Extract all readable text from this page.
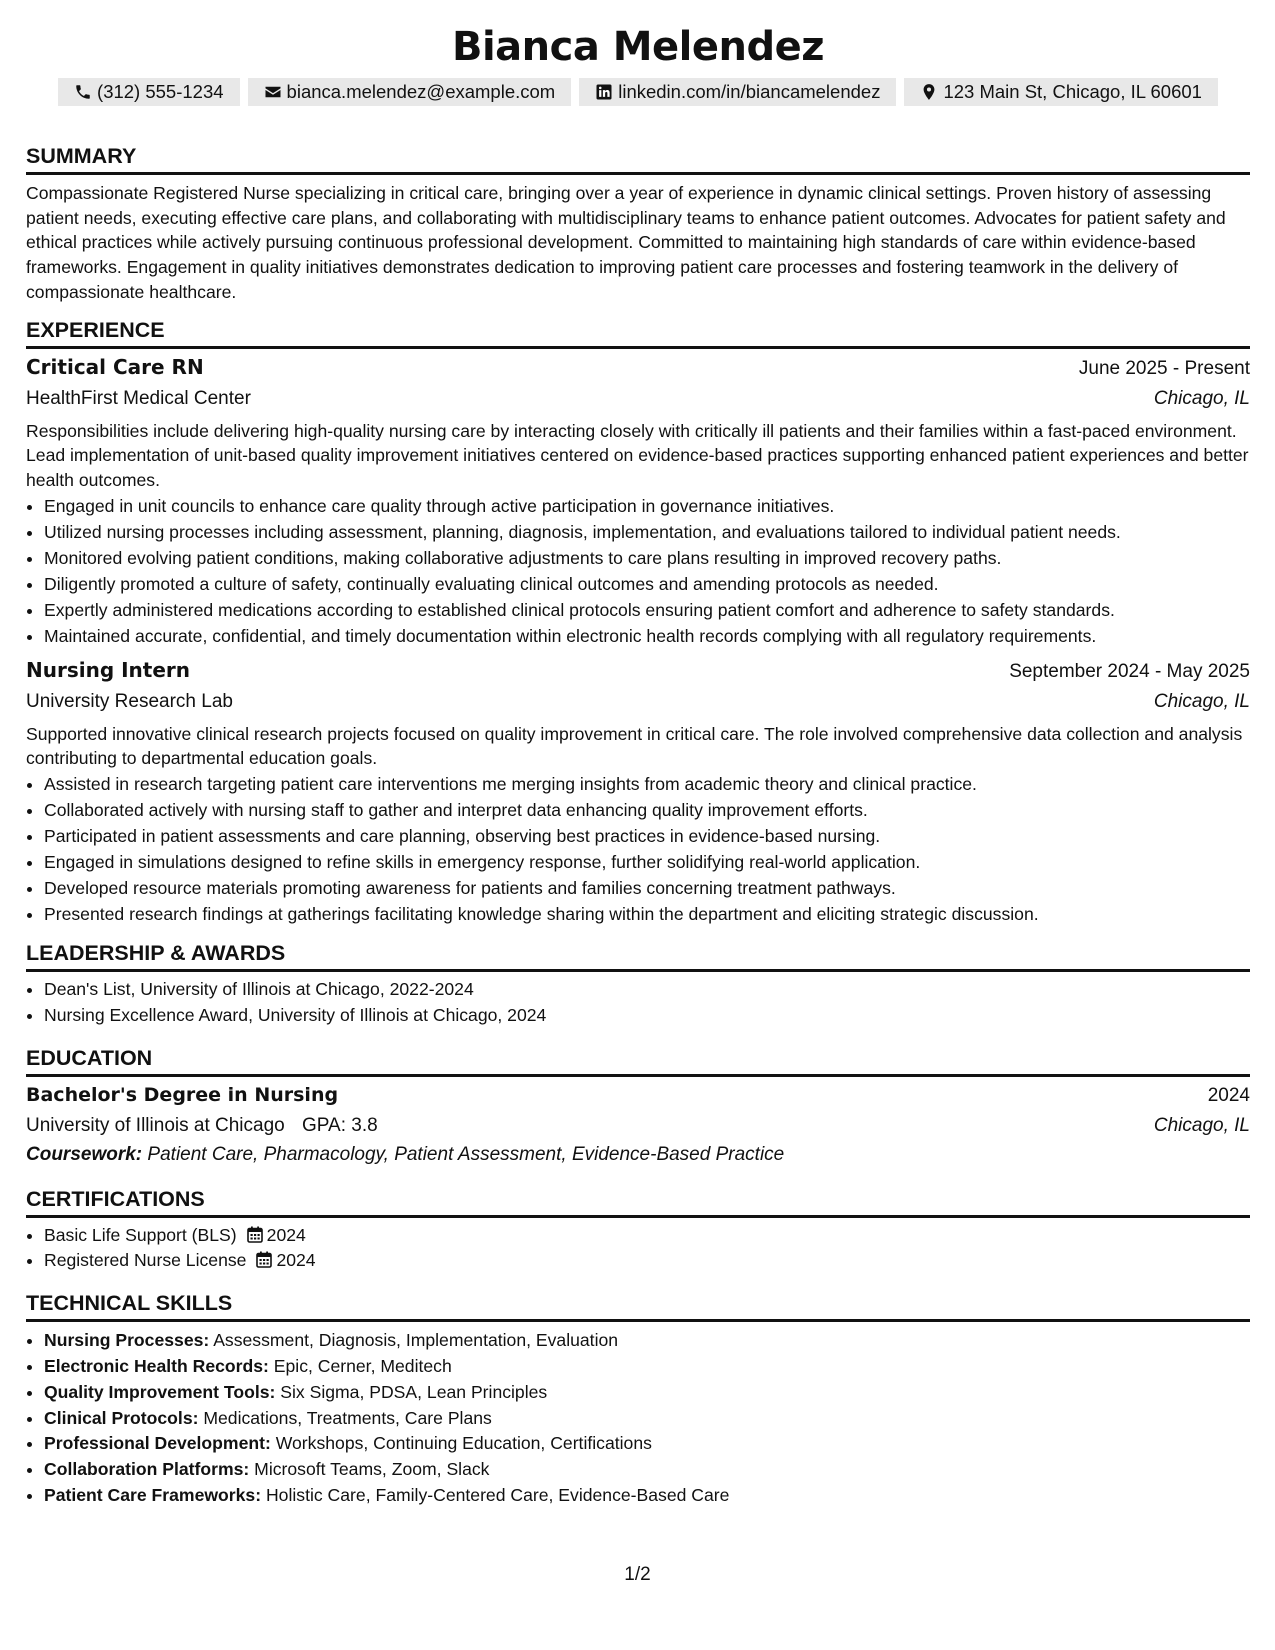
Bianca Melendez
(312) 555-1234	bianca.melendez@example.com	linkedin.com/in/biancamelendez	123 Main St, Chicago, IL 60601
SUMMARY

Compassionate Registered Nurse specializing in critical care, bringing over a year of experience in dynamic clinical settings. Proven history of assessing patient needs, executing effective care plans, and collaborating with multidisciplinary teams to enhance patient outcomes. Advocates for patient safety and ethical practices while actively pursuing continuous professional development. Committed to maintaining high standards of care within evidence-based frameworks. Engagement in quality initiatives demonstrates dedication to improving patient care processes and fostering teamwork in the delivery of compassionate healthcare.

EXPERIENCE
Critical Care RN	June 2025 - Present
HealthFirst Medical Center	Chicago, IL

Responsibilities include delivering high-quality nursing care by interacting closely with critically ill patients and their families within a fast-paced environment. Lead implementation of unit-based quality improvement initiatives centered on evidence-based practices supporting enhanced patient experiences and better health outcomes.

• Engaged in unit councils to enhance care quality through active participation in governance initiatives.
• Utilized nursing processes including assessment, planning, diagnosis, implementation, and evaluations tailored to individual patient needs.
• Monitored evolving patient conditions, making collaborative adjustments to care plans resulting in improved recovery paths.
• Diligently promoted a culture of safety, continually evaluating clinical outcomes and amending protocols as needed.
• Expertly administered medications according to established clinical protocols ensuring patient comfort and adherence to safety standards.
• Maintained accurate, confidential, and timely documentation within electronic health records complying with all regulatory requirements.
Nursing Intern	September 2024 - May 2025
University Research Lab	Chicago, IL

Supported innovative clinical research projects focused on quality improvement in critical care. The role involved comprehensive data collection and analysis contributing to departmental education goals.

• Assisted in research targeting patient care interventions me merging insights from academic theory and clinical practice.
• Collaborated actively with nursing staff to gather and interpret data enhancing quality improvement efforts.
• Participated in patient assessments and care planning, observing best practices in evidence-based nursing.
• Engaged in simulations designed to refine skills in emergency response, further solidifying real-world application.
• Developed resource materials promoting awareness for patients and families concerning treatment pathways.
• Presented research findings at gatherings facilitating knowledge sharing within the department and eliciting strategic discussion.
LEADERSHIP & AWARDS
• Dean's List, University of Illinois at Chicago, 2022-2024
• Nursing Excellence Award, University of Illinois at Chicago, 2024
EDUCATION
Bachelor's Degree in Nursing	2024
University of Illinois at Chicago GPA: 3.8	Chicago, IL
Coursework: Patient Care, Pharmacology, Patient Assessment, Evidence-Based Practice
CERTIFICATIONS
• Basic Life Support (BLS) 2024
• Registered Nurse License 2024
TECHNICAL SKILLS
• Nursing Processes: Assessment, Diagnosis, Implementation, Evaluation
• Electronic Health Records: Epic, Cerner, Meditech
• Quality Improvement Tools: Six Sigma, PDSA, Lean Principles
• Clinical Protocols: Medications, Treatments, Care Plans
• Professional Development: Workshops, Continuing Education, Certifications
• Collaboration Platforms: Microsoft Teams, Zoom, Slack
• Patient Care Frameworks: Holistic Care, Family-Centered Care, Evidence-Based Care
1/2
